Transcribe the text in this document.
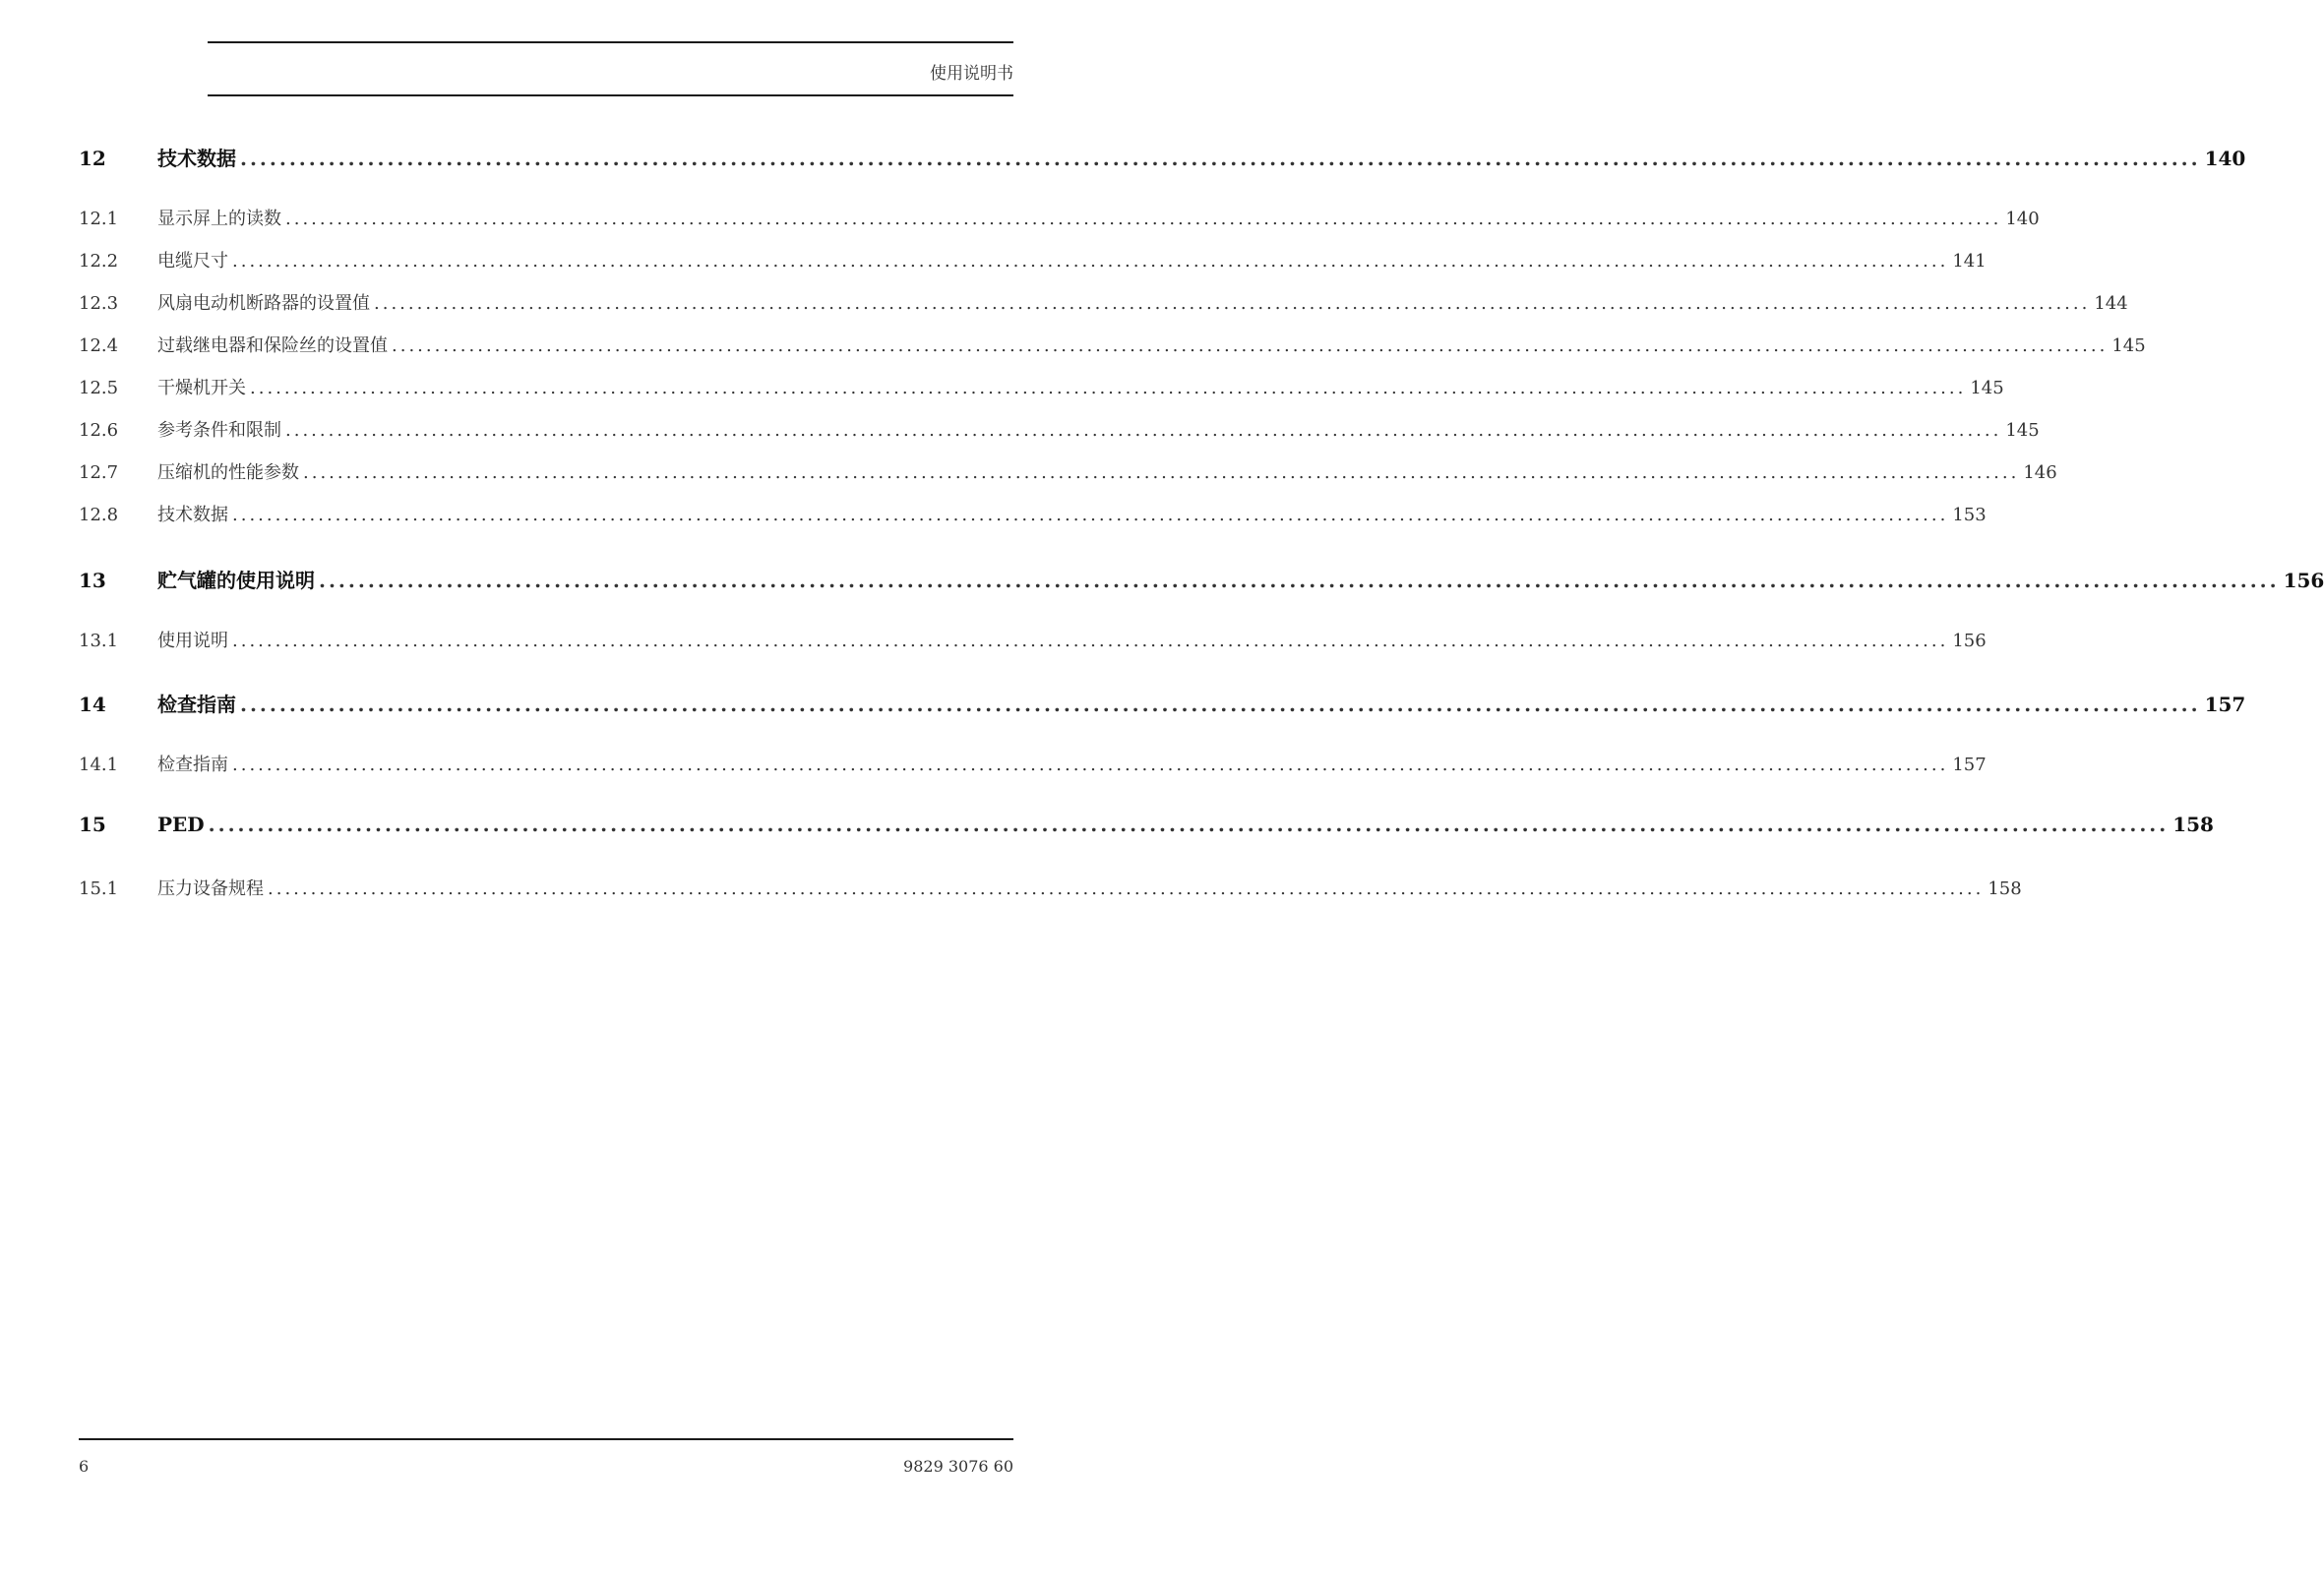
使用说明书
12	技术数据 ........................................................................................................................................................................................................ 140
12.1	显示屏上的读数 ........................................................................................................................................................................................................ 140
12.2	电缆尺寸 ........................................................................................................................................................................................................ 141
12.3	风扇电动机断路器的设置值 ........................................................................................................................................................................................................ 144
12.4	过载继电器和保险丝的设置值 ........................................................................................................................................................................................................ 145
12.5	干燥机开关 ........................................................................................................................................................................................................ 145
12.6	参考条件和限制 ........................................................................................................................................................................................................ 145
12.7	压缩机的性能参数 ........................................................................................................................................................................................................ 146
12.8	技术数据 ........................................................................................................................................................................................................ 153
13	贮气罐的使用说明 ........................................................................................................................................................................................................ 156
13.1	使用说明 ........................................................................................................................................................................................................ 156
14	检查指南 ........................................................................................................................................................................................................ 157
14.1	检查指南 ........................................................................................................................................................................................................ 157
15	PED ........................................................................................................................................................................................................ 158
15.1	压力设备规程 ........................................................................................................................................................................................................ 158
6	9829 3076 60
